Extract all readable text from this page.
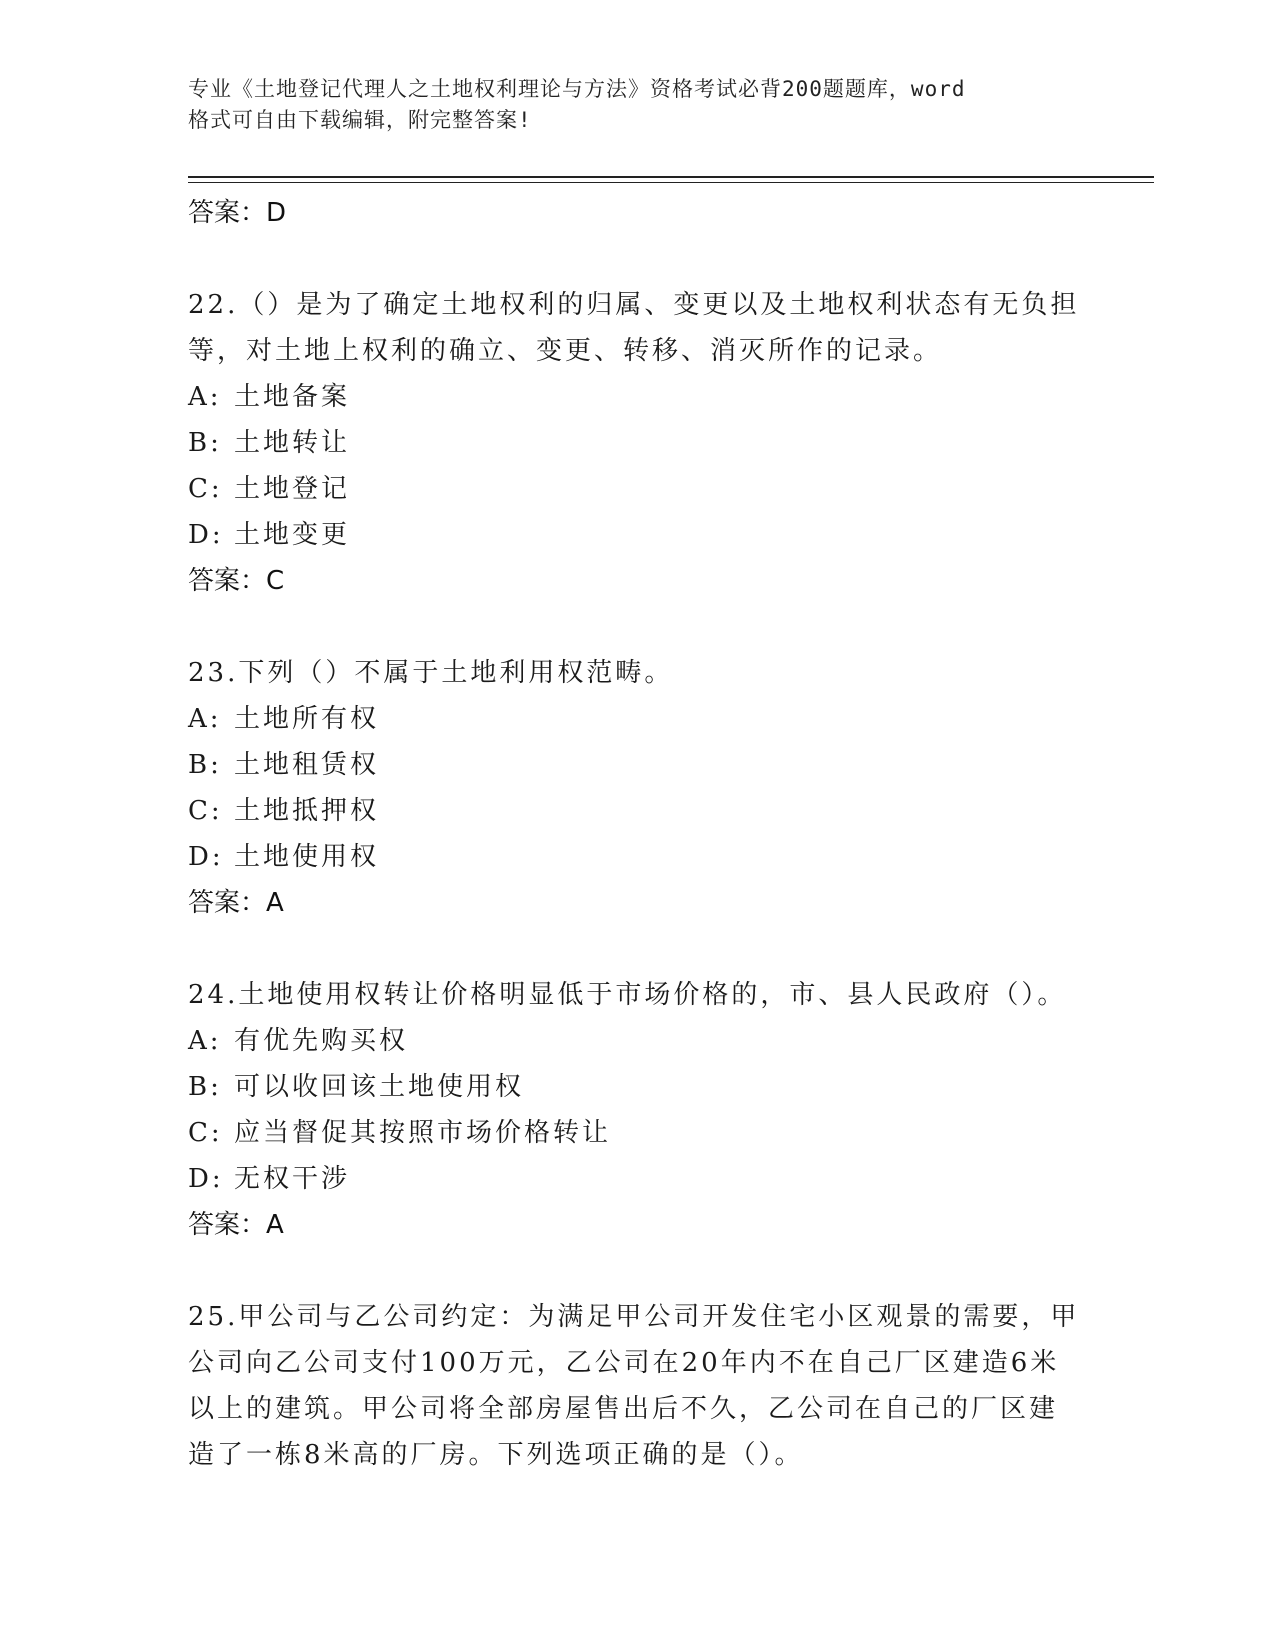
专业《土地登记代理人之土地权利理论与方法》资格考试必背200题题库，word
格式可自由下载编辑，附完整答案!
答案：D
22.（）是为了确定土地权利的归属、变更以及土地权利状态有无负担
等，对土地上权利的确立、变更、转移、消灭所作的记录。
A: 土地备案
B: 土地转让
C: 土地登记
D: 土地变更
答案：C
23.下列（）不属于土地利用权范畴。
A: 土地所有权
B: 土地租赁权
C: 土地抵押权
D: 土地使用权
答案：A
24.土地使用权转让价格明显低于市场价格的，市、县人民政府（）。
A: 有优先购买权
B: 可以收回该土地使用权
C: 应当督促其按照市场价格转让
D: 无权干涉
答案：A
25.甲公司与乙公司约定：为满足甲公司开发住宅小区观景的需要，甲
公司向乙公司支付100万元，乙公司在20年内不在自己厂区建造6米
以上的建筑。甲公司将全部房屋售出后不久，乙公司在自己的厂区建
造了一栋8米高的厂房。下列选项正确的是（）。
